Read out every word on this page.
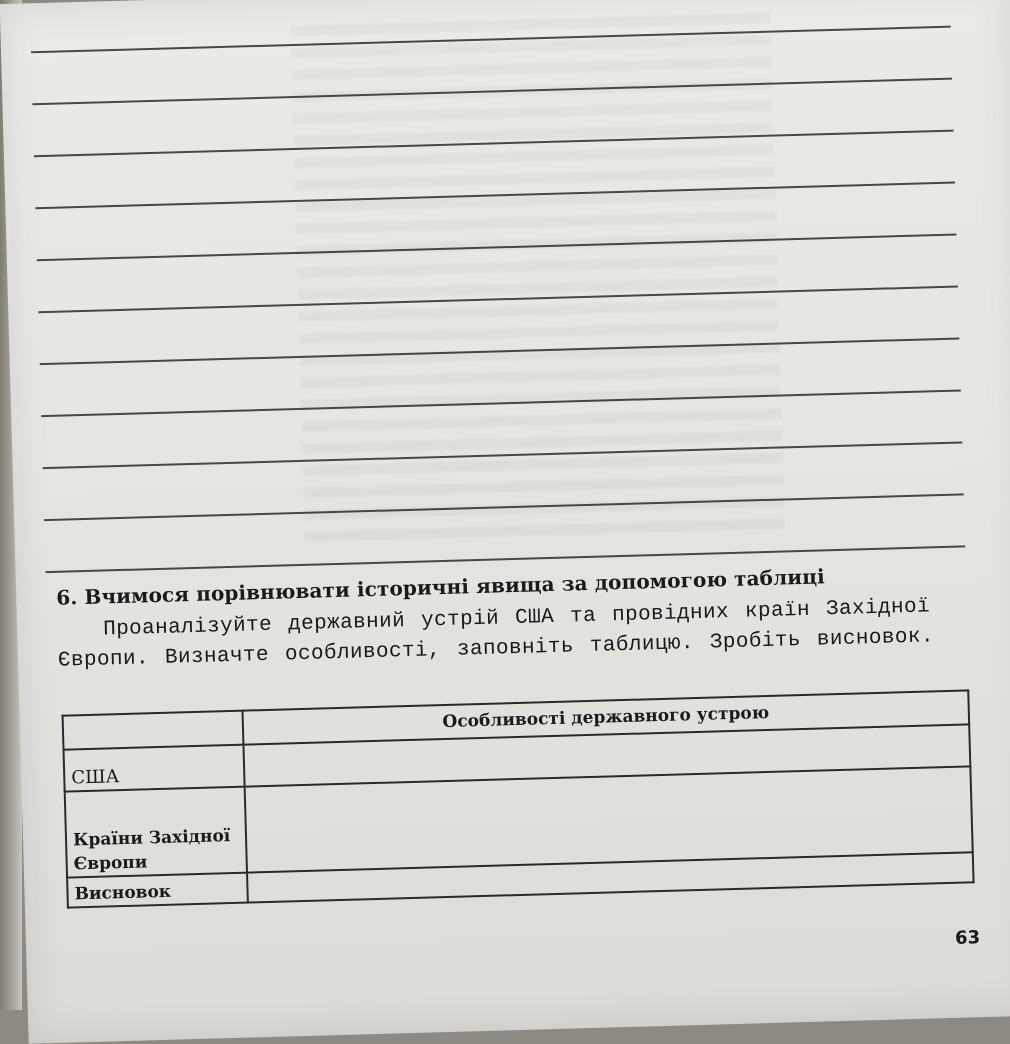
6. Вчимося порівнювати історичні явища за допомогою таблиці
Проаналізуйте державний устрій США та провідних країн Західної Європи. Визначте особливості, заповніть таблицю. Зробіть висновок.
	Особливості державного устрою
США	
Країни Західної Європи	
Висновок	
63
